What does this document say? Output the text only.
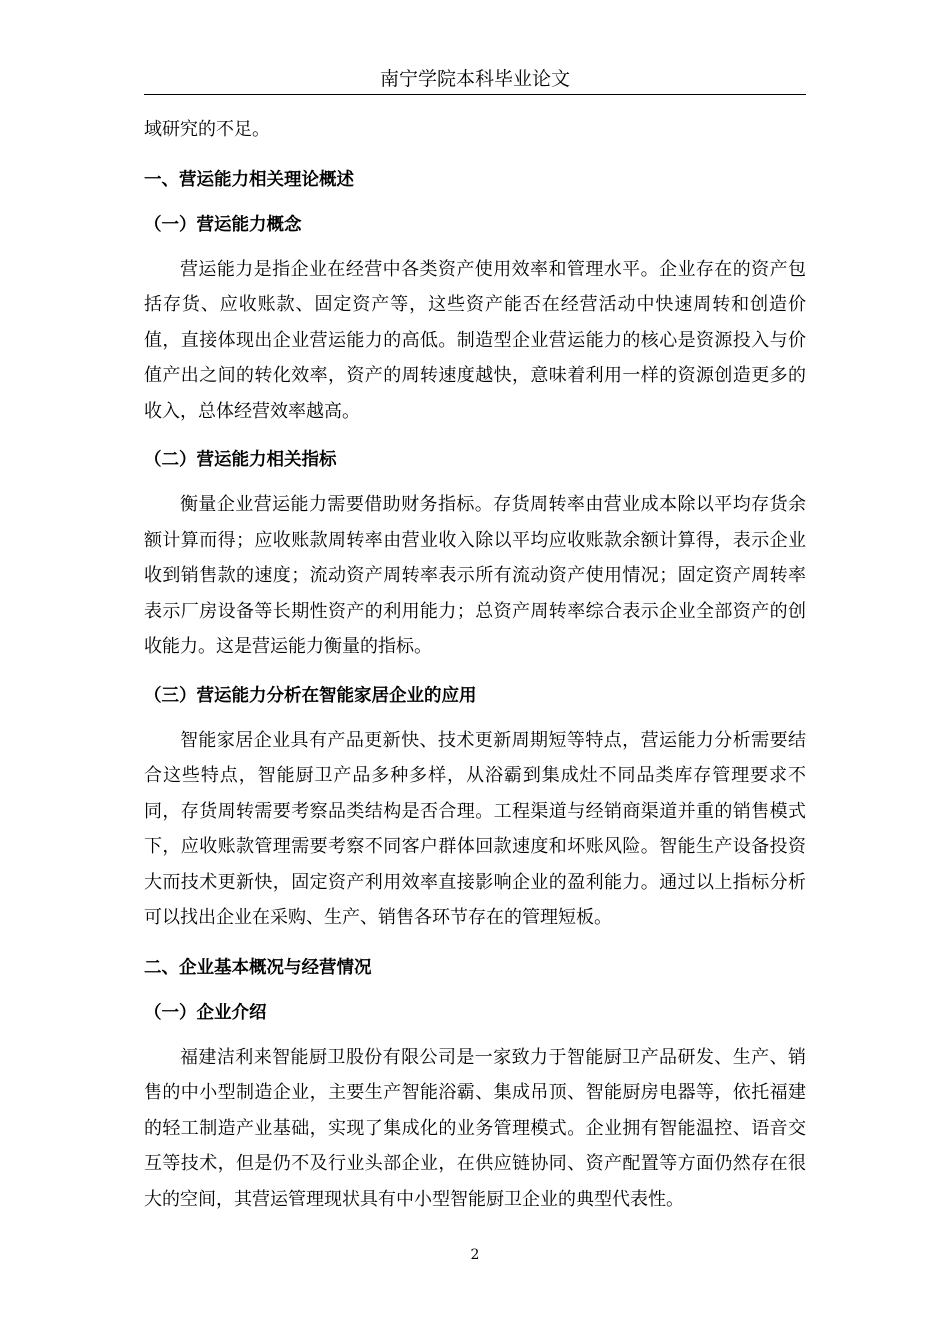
南宁学院本科毕业论文

域研究的不足。

一、营运能力相关理论概述
（一）营运能力概念

营运能力是指企业在经营中各类资产使用效率和管理水平。企业存在的资产包括存货、应收账款、固定资产等，这些资产能否在经营活动中快速周转和创造价值，直接体现出企业营运能力的高低。制造型企业营运能力的核心是资源投入与价值产出之间的转化效率，资产的周转速度越快，意味着利用一样的资源创造更多的收入，总体经营效率越高。

（二）营运能力相关指标

衡量企业营运能力需要借助财务指标。存货周转率由营业成本除以平均存货余额计算而得；应收账款周转率由营业收入除以平均应收账款余额计算得，表示企业收到销售款的速度；流动资产周转率表示所有流动资产使用情况；固定资产周转率表示厂房设备等长期性资产的利用能力；总资产周转率综合表示企业全部资产的创收能力。这是营运能力衡量的指标。

（三）营运能力分析在智能家居企业的应用

智能家居企业具有产品更新快、技术更新周期短等特点，营运能力分析需要结合这些特点，智能厨卫产品多种多样，从浴霸到集成灶不同品类库存管理要求不同，存货周转需要考察品类结构是否合理。工程渠道与经销商渠道并重的销售模式下，应收账款管理需要考察不同客户群体回款速度和坏账风险。智能生产设备投资大而技术更新快，固定资产利用效率直接影响企业的盈利能力。通过以上指标分析可以找出企业在采购、生产、销售各环节存在的管理短板。

二、企业基本概况与经营情况
（一）企业介绍

福建洁利来智能厨卫股份有限公司是一家致力于智能厨卫产品研发、生产、销售的中小型制造企业，主要生产智能浴霸、集成吊顶、智能厨房电器等，依托福建的轻工制造产业基础，实现了集成化的业务管理模式。企业拥有智能温控、语音交互等技术，但是仍不及行业头部企业，在供应链协同、资产配置等方面仍然存在很大的空间，其营运管理现状具有中小型智能厨卫企业的典型代表性。

2
